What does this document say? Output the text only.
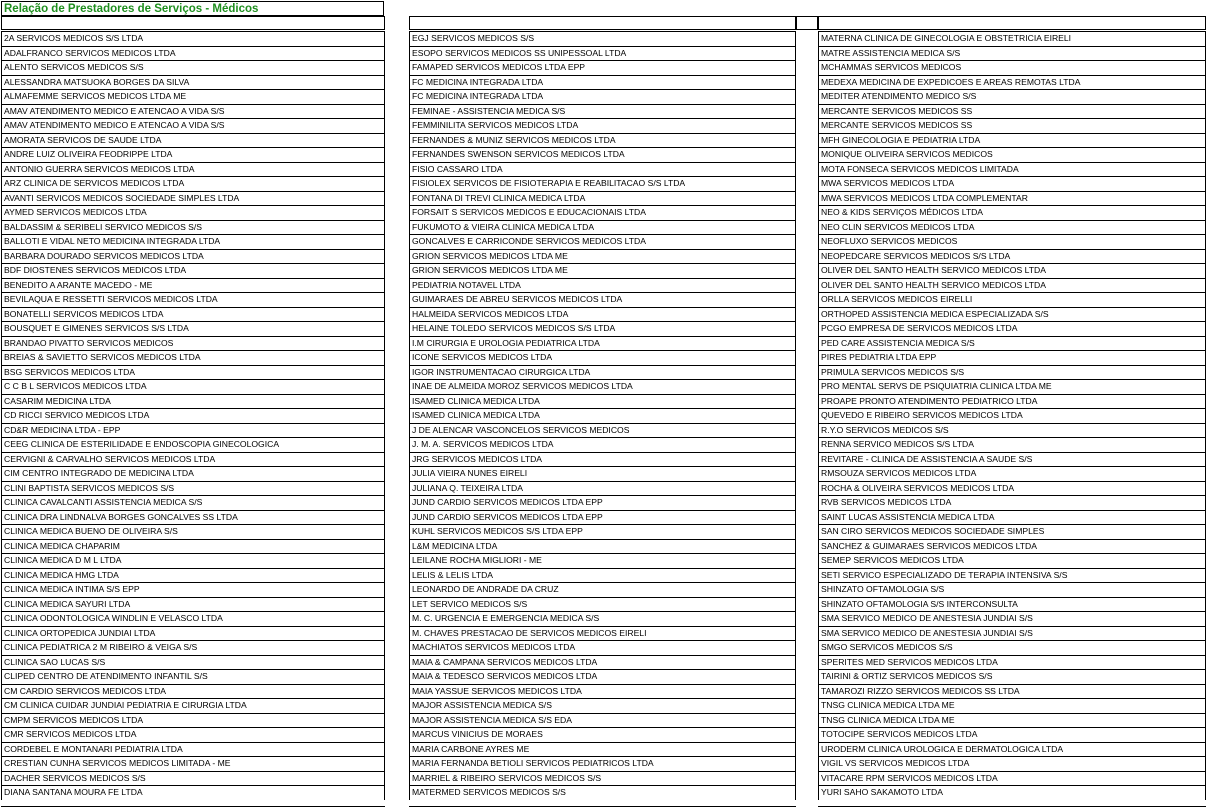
Relação de Prestadores de Serviços - Médicos
2A SERVICOS MEDICOS S/S LTDA	EGJ SERVICOS MEDICOS S/S	MATERNA CLINICA DE GINECOLOGIA E OBSTETRICIA EIRELI
ADALFRANCO SERVICOS MEDICOS LTDA	ESOPO SERVICOS MEDICOS SS UNIPESSOAL LTDA	MATRE ASSISTENCIA MEDICA S/S
ALENTO SERVICOS MEDICOS S/S	FAMAPED SERVICOS MEDICOS LTDA EPP	MCHAMMAS SERVICOS MEDICOS
ALESSANDRA MATSUOKA BORGES DA SILVA	FC MEDICINA INTEGRADA LTDA	MEDEXA MEDICINA DE EXPEDICOES E AREAS REMOTAS LTDA
ALMAFEMME SERVICOS MEDICOS LTDA ME	FC MEDICINA INTEGRADA LTDA	MEDITER ATENDIMENTO MEDICO S/S
AMAV ATENDIMENTO MEDICO E ATENCAO A VIDA S/S	FEMINAE - ASSISTENCIA MEDICA S/S	MERCANTE SERVICOS MEDICOS SS
AMAV ATENDIMENTO MEDICO E ATENCAO A VIDA S/S	FEMMINILITA SERVICOS MEDICOS LTDA	MERCANTE SERVICOS MEDICOS SS
AMORATA SERVICOS DE SAUDE LTDA	FERNANDES & MUNIZ SERVICOS MEDICOS LTDA	MFH GINECOLOGIA E PEDIATRIA LTDA
ANDRE LUIZ OLIVEIRA FEODRIPPE LTDA	FERNANDES SWENSON SERVICOS MEDICOS LTDA	MONIQUE OLIVEIRA SERVICOS MEDICOS
ANTONIO GUERRA SERVICOS MEDICOS LTDA	FISIO CASSARO LTDA	MOTA FONSECA SERVICOS MEDICOS LIMITADA
ARZ CLINICA DE SERVICOS MEDICOS LTDA	FISIOLEX SERVICOS DE FISIOTERAPIA E REABILITACAO S/S LTDA	MWA SERVICOS MEDICOS LTDA
AVANTI SERVICOS MEDICOS SOCIEDADE SIMPLES LTDA	FONTANA DI TREVI CLINICA MEDICA LTDA	MWA SERVICOS MEDICOS LTDA COMPLEMENTAR
AYMED SERVICOS MEDICOS LTDA	FORSAIT S SERVICOS MEDICOS E EDUCACIONAIS LTDA	NEO & KIDS SERVIÇOS MÉDICOS LTDA
BALDASSIM & SERIBELI SERVICO MEDICOS S/S	FUKUMOTO & VIEIRA CLINICA MEDICA LTDA	NEO CLIN SERVICOS MEDICOS LTDA
BALLOTI E VIDAL NETO MEDICINA INTEGRADA LTDA	GONCALVES E CARRICONDE SERVICOS MEDICOS LTDA	NEOFLUXO SERVICOS MEDICOS
BARBARA DOURADO SERVICOS MEDICOS LTDA	GRION SERVICOS MEDICOS LTDA ME	NEOPEDCARE SERVICOS MEDICOS S/S LTDA
BDF DIOSTENES SERVICOS MEDICOS LTDA	GRION SERVICOS MEDICOS LTDA ME	OLIVER DEL SANTO HEALTH SERVICO MEDICOS LTDA
BENEDITO A ARANTE MACEDO - ME	PEDIATRIA NOTAVEL LTDA	OLIVER DEL SANTO HEALTH SERVICO MEDICOS LTDA
BEVILAQUA E RESSETTI SERVICOS MEDICOS LTDA	GUIMARAES DE ABREU SERVICOS MEDICOS LTDA	ORLLA SERVICOS MEDICOS EIRELLI
BONATELLI SERVICOS MEDICOS LTDA	HALMEIDA SERVICOS MEDICOS LTDA	ORTHOPED ASSISTENCIA MEDICA ESPECIALIZADA S/S
BOUSQUET E GIMENES SERVICOS S/S LTDA	HELAINE TOLEDO SERVICOS MEDICOS S/S LTDA	PCGO EMPRESA DE SERVICOS MEDICOS LTDA
BRANDAO PIVATTO SERVICOS MEDICOS	I.M CIRURGIA E UROLOGIA PEDIATRICA LTDA	PED CARE ASSISTENCIA MEDICA S/S
BREIAS & SAVIETTO SERVICOS MEDICOS LTDA	ICONE SERVICOS MEDICOS LTDA	PIRES PEDIATRIA LTDA EPP
BSG SERVICOS MEDICOS LTDA	IGOR INSTRUMENTACAO CIRURGICA LTDA	PRIMULA SERVICOS MEDICOS S/S
C C B L SERVICOS MEDICOS LTDA	INAE DE ALMEIDA MOROZ SERVICOS MEDICOS LTDA	PRO MENTAL SERVS DE PSIQUIATRIA CLINICA LTDA ME
CASARIM MEDICINA LTDA	ISAMED CLINICA MEDICA LTDA	PROAPE PRONTO ATENDIMENTO PEDIATRICO LTDA
CD RICCI SERVICO MEDICOS LTDA	ISAMED CLINICA MEDICA LTDA	QUEVEDO E RIBEIRO SERVICOS MEDICOS LTDA
CD&R MEDICINA LTDA - EPP	J DE ALENCAR VASCONCELOS SERVICOS MEDICOS	R.Y.O SERVICOS MEDICOS S/S
CEEG CLINICA DE ESTERILIDADE E ENDOSCOPIA GINECOLOGICA	J. M. A. SERVICOS MEDICOS LTDA	RENNA SERVICO MEDICOS S/S LTDA
CERVIGNI & CARVALHO SERVICOS MEDICOS LTDA	JRG SERVICOS MEDICOS LTDA	REVITARE - CLINICA DE ASSISTENCIA A SAUDE S/S
CIM CENTRO INTEGRADO DE MEDICINA LTDA	JULIA VIEIRA NUNES EIRELI	RMSOUZA SERVICOS MEDICOS LTDA
CLINI BAPTISTA SERVICOS MEDICOS S/S	JULIANA Q. TEIXEIRA LTDA	ROCHA & OLIVEIRA SERVICOS MEDICOS LTDA
CLINICA CAVALCANTI ASSISTENCIA MEDICA S/S	JUND CARDIO SERVICOS MEDICOS LTDA EPP	RVB SERVICOS MEDICOS LTDA
CLINICA DRA LINDNALVA BORGES GONCALVES SS LTDA	JUND CARDIO SERVICOS MEDICOS LTDA EPP	SAINT LUCAS ASSISTENCIA MEDICA LTDA
CLINICA MEDICA BUENO DE OLIVEIRA S/S	KUHL SERVICOS MEDICOS S/S LTDA EPP	SAN CIRO SERVICOS MEDICOS SOCIEDADE SIMPLES
CLINICA MEDICA CHAPARIM	L&M MEDICINA LTDA	SANCHEZ & GUIMARAES SERVICOS MEDICOS LTDA
CLINICA MEDICA D M L LTDA	LEILANE ROCHA MIGLIORI - ME	SEMEP SERVICOS MEDICOS LTDA
CLINICA MEDICA HMG LTDA	LELIS & LELIS LTDA	SETI SERVICO ESPECIALIZADO DE TERAPIA INTENSIVA S/S
CLINICA MEDICA INTIMA S/S EPP	LEONARDO DE ANDRADE DA CRUZ	SHINZATO OFTAMOLOGIA S/S
CLINICA MEDICA SAYURI LTDA	LET SERVICO MEDICOS S/S	SHINZATO OFTAMOLOGIA S/S INTERCONSULTA
CLINICA ODONTOLOGICA WINDLIN E VELASCO LTDA	M. C. URGENCIA E EMERGENCIA MEDICA S/S	SMA SERVICO MEDICO DE ANESTESIA JUNDIAI S/S
CLINICA ORTOPEDICA JUNDIAI LTDA	M. CHAVES PRESTACAO DE SERVICOS MEDICOS EIRELI	SMA SERVICO MEDICO DE ANESTESIA JUNDIAI S/S
CLINICA PEDIATRICA 2 M RIBEIRO & VEIGA S/S	MACHIATOS SERVICOS MEDICOS LTDA	SMGO SERVICOS MEDICOS S/S
CLINICA SAO LUCAS S/S	MAIA & CAMPANA SERVICOS MEDICOS LTDA	SPERITES MED SERVICOS MEDICOS LTDA
CLIPED CENTRO DE ATENDIMENTO INFANTIL S/S	MAIA & TEDESCO SERVICOS MEDICOS LTDA	TAIRINI & ORTIZ SERVICOS MEDICOS S/S
CM CARDIO SERVICOS MEDICOS LTDA	MAIA YASSUE SERVICOS MEDICOS LTDA	TAMAROZI RIZZO SERVICOS MEDICOS SS LTDA
CM CLINICA CUIDAR JUNDIAI PEDIATRIA E CIRURGIA LTDA	MAJOR ASSISTENCIA MEDICA S/S	TNSG CLINICA MEDICA LTDA ME
CMPM SERVICOS MEDICOS LTDA	MAJOR ASSISTENCIA MEDICA S/S EDA	TNSG CLINICA MEDICA LTDA ME
CMR SERVICOS MEDICOS LTDA	MARCUS VINICIUS DE MORAES	TOTOCIPE SERVICOS MEDICOS LTDA
CORDEBEL E MONTANARI PEDIATRIA LTDA	MARIA CARBONE AYRES ME	URODERM CLINICA UROLOGICA E DERMATOLOGICA LTDA
CRESTIAN CUNHA SERVICOS MEDICOS LIMITADA - ME	MARIA FERNANDA BETIOLI SERVICOS PEDIATRICOS LTDA	VIGIL VS SERVICOS MEDICOS LTDA
DACHER SERVICOS MEDICOS S/S	MARRIEL & RIBEIRO SERVICOS MEDICOS S/S	VITACARE RPM SERVICOS MEDICOS LTDA
DIANA SANTANA MOURA FE LTDA	MATERMED SERVICOS MEDICOS S/S	YURI SAHO SAKAMOTO LTDA
